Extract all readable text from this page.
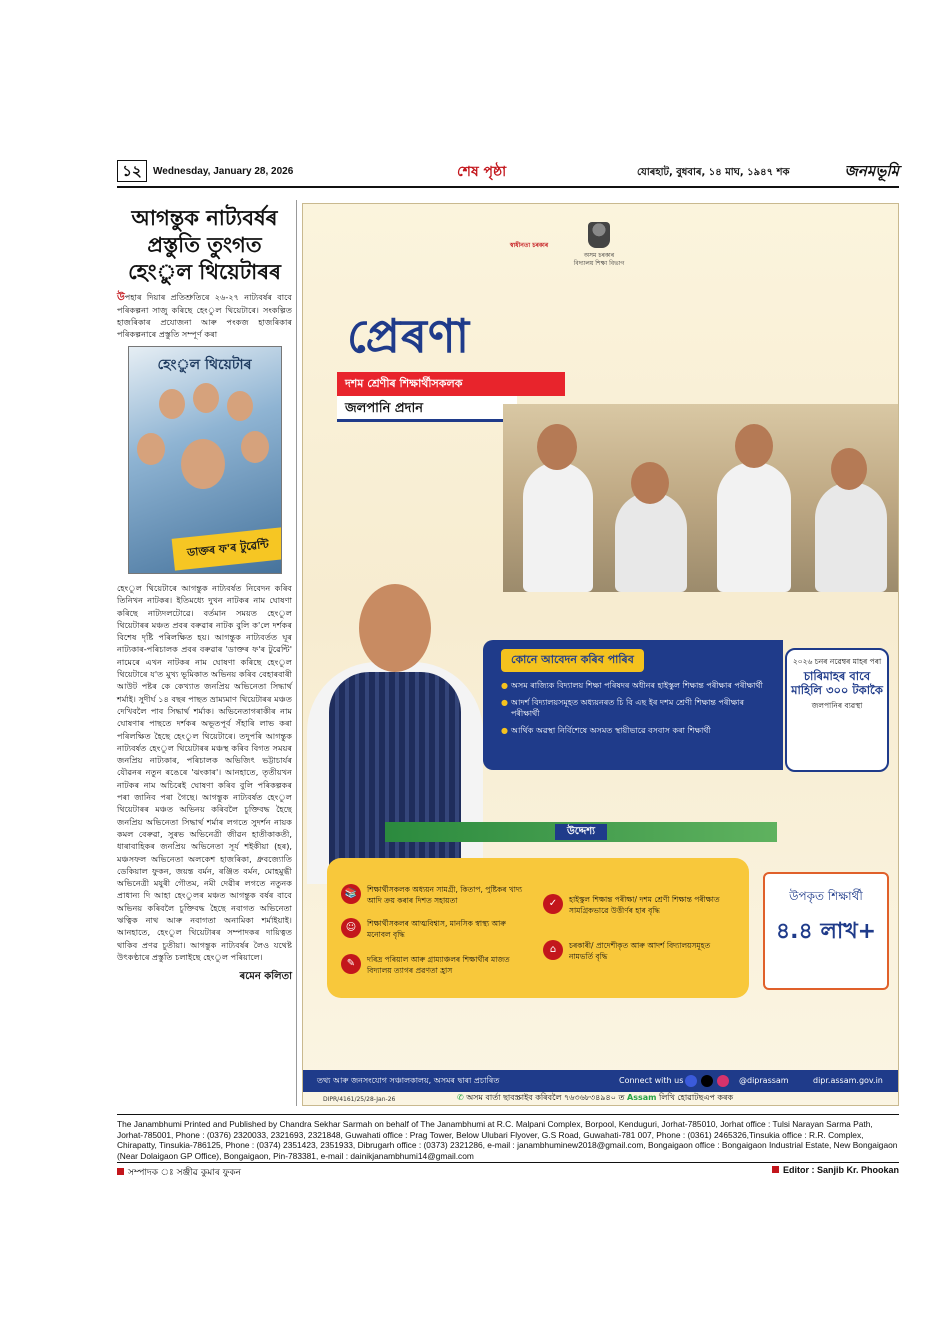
১২	Wednesday, January 28, 2026	শেষ পৃষ্ঠা	যোৰহাট, বুধবাৰ, ১৪ মাঘ, ১৯৪৭ শক	জনমভূমি
আগন্তুক নাট্যবৰ্ষৰ প্ৰস্তুতি তুংগত হেংুল থিয়েটাৰৰ
উপহাৰ দিয়াৰ প্ৰতিশ্ৰুতিৰে ২৬-২৭ নাট্যবৰ্ষৰ বাবে পৰিকল্পনা সাজু কৰিছে হেংুল থিয়েটাৰে। সংকল্পিত হাজৰিকাৰ প্ৰযোজনা আৰু পংকজ হাজৰিকাৰ পৰিকল্পনাৰে প্ৰস্তুতি সম্পূৰ্ণ কৰা
হেংুল থিয়েটাৰ
ডাক্তৰ ফ'ৰ টুৱেন্টি
হেংুল থিয়েটাৰে আগন্তুক নাট্যবৰ্ষত নিবেদন কৰিব তিনিখন নাটকৰ। ইতিমধ্যে দুখন নাটকৰ নাম ঘোষণা কৰিছে নাট্যদলটোৱে। বৰ্তমান সময়ত হেংুল থিয়েটাৰৰ মঞ্চত প্ৰবৰ বৰুৱাৰ নাটক বুলি ক'লে দৰ্শকৰ বিশেষ দৃষ্টি পৰিলক্ষিত হয়। আগন্তুক নাট্যবৰ্তত ঘূৰ নাট্যকাৰ-পৰিচালক প্ৰবৰ বৰুৱাৰ 'ডাক্তৰ ফ'ৰ টুৱেন্টি' নামেৰে এখন নাটকৰ নাম ঘোষণা কৰিছে হেংুল থিয়েটাৰে য'ত মুখ্য ভূমিকাত অভিনয় কৰিব বেহাৰবাৰী আউট পষ্টৰ কে কেখ্যাত জনপ্ৰিয় অভিনেতা সিদ্ধাৰ্থ শৰ্মাই। সুদীৰ্ঘ ১৪ বছৰ পাছত ভ্ৰাম্যমাণ থিয়েটাৰৰ মঞ্চত দেখিবলৈ পাব সিদ্ধাৰ্থ শৰ্মাক। অভিনেতাগৰাকীৰ নাম ঘোষণাৰ পাছতে দৰ্শকৰ অভূতপূৰ্ব সঁহাৰি লাভ কৰা পৰিলক্ষিত হৈছে হেংুল থিয়েটাৰে। তদুপৰি আগন্তুক নাট্যবৰ্ষত হেংুল থিয়েটাৰৰ মঞ্চস্থ কৰিব বিগত সময়ৰ জনপ্ৰিয় নাট্যকাৰ, পৰিচালক অভিজিৎ ভট্টাচাৰ্যৰ যৌৱনৰ নতুন ৰঙেৰে 'ঝংকাৰ'। আনহাতে, তৃতীয়খন নাটকৰ নাম অচিৰেই ঘোষণা কৰিব বুলি পৰিকল্পকৰ পৰা জানিব পৰা গৈছে। আগন্তুক নাট্যবৰ্ষত হেংুল থিয়েটাৰৰ মঞ্চত অভিনয় কৰিবলৈ চুক্তিবদ্ধ হৈছে জনপ্ৰিয় অভিনেতা সিদ্ধাৰ্থ শৰ্মাৰ লগতে সুদৰ্শন নায়ক কমল বেৰুৱা, সুৰভ অভিনেত্ৰী জীৱন হাতীকাকতী, ধাৰাবাহিকৰ জনপ্ৰিয় অভিনেতা সূৰ্য শইকীয়া (হৰ), মঞ্চসফল অভিনেতা অলকেশ হাজৰিকা, ধ্ৰুবজ্যোতি ডেকিয়াল ফুকন, জয়ন্ত বৰ্মন, ৰঞ্জিত বৰ্মন, মোহমুগ্ধী অভিনেত্ৰী মযুৰী গৌতম, নমী দেৱীৰ লগতে নতুনক প্ৰাধান্য দি আহা হেংুলৰ মঞ্চত আগন্তুক বৰ্ষৰ বাবে অভিনয় কৰিবলৈ চুক্তিবদ্ধ হৈছে নবাগত অভিনেতা ঋত্বিক নাথ আৰু নবাগতা অনামিকা শৰ্মাইয়াই। আনহাতে, হেংুল থিয়েটাৰৰ সম্পাদকৰ দায়িত্বত থাকিব প্ৰণৱ চুতীয়া। আগন্তুক নাট্যবৰ্ষৰ লৈও যথেষ্ট উৎকণ্ঠাৰে প্ৰস্তুতি চলাইছে হেংুল পৰিয়ালে।
ৰমেন কলিতা
স্বাধীনতা চৰকাৰ
অসম চৰকাৰ
বিদ্যালয় শিক্ষা বিভাগ
প্ৰেৰণা
দশম শ্ৰেণীৰ শিক্ষাৰ্থীসকলক
জলপানি প্ৰদান
কোনে আবেদন কৰিব পাৰিব
● অসম ৰাজ্যিক বিদ্যালয় শিক্ষা পৰিষদৰ অধীনৰ হাইস্কুল শিক্ষান্ত পৰীক্ষাৰ পৰীক্ষাৰ্থী
● আদৰ্শ বিদ্যালয়সমূহত অধ্যয়নৰত চি বি এছ ইৰ দশম শ্ৰেণী শিক্ষান্ত পৰীক্ষাৰ পৰীক্ষাৰ্থী
● আৰ্থিক অৱস্থা নিৰ্বিশেষে অসমত স্থায়ীভাৱে বসবাস কৰা শিক্ষাৰ্থী
২০২৬ চনৰ নৱেম্বৰ মাহৰ পৰা
চাৰিমাহৰ বাবে মাহিলি ৩০০ টকাকৈ
জলপানিৰ ব্যৱস্থা
উদ্দেশ্য
📚	শিক্ষাৰ্থীসকলক অধ্যয়ন সামগ্ৰী, কিতাপ, পুষ্টিকৰ খাদ্য আদি ক্ৰয় কৰাৰ দিশত সহায়তা
☺	শিক্ষাৰ্থীসকলৰ আত্মবিশ্বাস, মানসিক স্বাস্থ্য আৰু মনোবল বৃদ্ধি
✎	দৰিদ্ৰ পৰিয়াল আৰু গ্ৰাম্যাঞ্চলৰ শিক্ষাৰ্থীৰ মাজত বিদ্যালয় ত্যাগৰ প্ৰৱণতা হ্ৰাস
✓	হাইস্কুল শিক্ষান্ত পৰীক্ষা/ দশম শ্ৰেণী শিক্ষান্ত পৰীক্ষাত সামগ্ৰিকভাৱে উত্তীৰ্ণৰ হাৰ বৃদ্ধি
⌂	চৰকাৰী/ প্ৰাদেশীকৃত আৰু আদৰ্শ বিদ্যালয়সমূহত নামভৰ্তি বৃদ্ধি
উপকৃত শিক্ষাৰ্থী
৪.৪ লাখ+
তথ্য আৰু জনসংযোগ সঞ্চালকালয়, অসমৰ দ্বাৰা প্ৰচাৰিত	Connect with us	@diprassam	dipr.assam.gov.in
DIPR/4161/25/28-Jan-26	✆ অসম বাৰ্তা ছাবস্ক্ৰাইব কৰিবলৈ ৭৬৩৬৮৩৪৯৪০ ত Assam লিখি হোৱাটছএপ কৰক
The Janambhumi Printed and Published by Chandra Sekhar Sarmah on behalf of The Janambhumi at R.C. Malpani Complex, Borpool, Kenduguri, Jorhat-785010, Jorhat office : Tulsi Narayan Sarma Path, Jorhat-785001, Phone : (0376) 2320033, 2321693, 2321848, Guwahati office : Prag Tower, Below Ulubari Flyover, G.S Road, Guwahati-781 007, Phone : (0361) 2465326,Tinsukia office : R.R. Complex, Chirapatty, Tinsukia-786125, Phone : (0374) 2351423, 2351933, Dibrugarh office : (0373) 2321286, e-mail : janambhuminew2018@gmail.com, Bongaigaon office : Bongaigaon Industrial Estate, New Bongaigaon (Near Dolaigaon GP Office), Bongaigaon, Pin-783381, e-mail : dainikjanambhumi14@gmail.com
সম্পাদক ঃ সঞ্জীৱ কুমাৰ ফুকন	Editor : Sanjib Kr. Phookan
